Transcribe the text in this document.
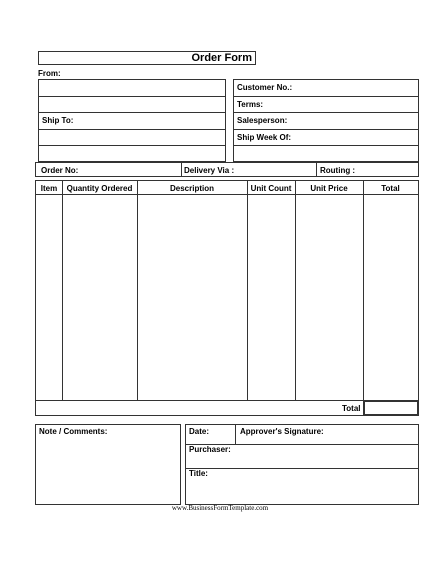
Order Form
From:
Ship To:
Customer No.:
Terms:
Salesperson:
Ship Week Of:
Order No:	Delivery Via :	Routing :
Item	Quantity Ordered	Description	Unit Count	Unit Price	Total
Total
Note / Comments:	Date:	Approver's Signature:
Purchaser:
Title:
www.BusinessFormTemplate.com
